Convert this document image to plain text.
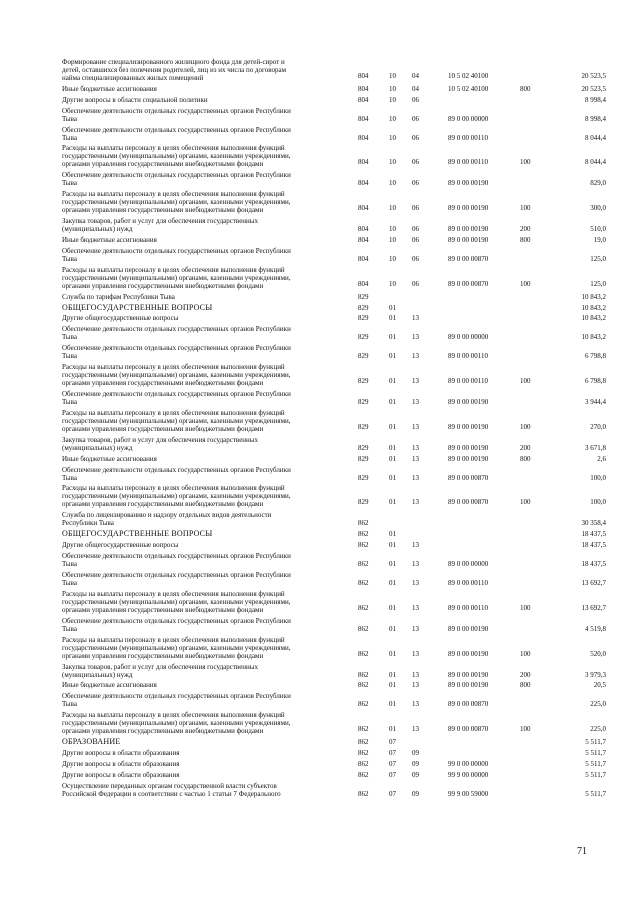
Формирование специализированного жилищного фонда для детей-сирот и
детей, оставшихся без попечения родителей, лиц из их числа по договорам
найма специализированных жилых помещений	804	10 04	10 5 02 40100	20 523,5
Иные бюджетные ассигнования	804	10 04	10 5 02 40100	800	20 523,5
Другие вопросы в области социальной политики	804	10 06	8 998,4
Обеспечение деятельности отдельных государственных органов Республики
Тыва	804	10 06	89 0 00 00000	8 998,4
Обеспечение деятельности отдельных государственных органов Республики
Тыва	804	10 06	89 0 00 00110	8 044,4
Расходы на выплаты персоналу в целях обеспечения выполнения функций
государственными (муниципальными) органами, казенными учреждениями,
органами управления государственными внебюджетными фондами	804	10 06	89 0 00 00110	100	8 044,4
Обеспечение деятельности отдельных государственных органов Республики
Тыва	804	10 06	89 0 00 00190	829,0
Расходы на выплаты персоналу в целях обеспечения выполнения функций
государственными (муниципальными) органами, казенными учреждениями,
органами управления государственными внебюджетными фондами	804	10 06	89 0 00 00190	100	300,0
Закупка товаров, работ и услуг для обеспечения государственных
(муниципальных) нужд	804	10 06	89 0 00 00190	200	510,0
Иные бюджетные ассигнования	804	10 06	89 0 00 00190	800	19,0
Обеспечение деятельности отдельных государственных органов Республики
Тыва	804	10 06	89 0 00 00870	125,0
Расходы на выплаты персоналу в целях обеспечения выполнения функций
государственными (муниципальными) органами, казенными учреждениями,
органами управления государственными внебюджетными фондами	804	10 06	89 0 00 00870	100	125,0
Служба по тарифам Республики Тыва	829	10 843,2
ОБЩЕГОСУДАРСТВЕННЫЕ ВОПРОСЫ	829	01	10 843,2
Другие общегосударственные вопросы	829	01 13	10 843,2
Обеспечение деятельности отдельных государственных органов Республики
Тыва	829	01 13	89 0 00 00000	10 843,2
Обеспечение деятельности отдельных государственных органов Республики
Тыва	829	01 13	89 0 00 00110	6 798,8
Расходы на выплаты персоналу в целях обеспечения выполнения функций
государственными (муниципальными) органами, казенными учреждениями,
органами управления государственными внебюджетными фондами	829	01 13	89 0 00 00110	100	6 798,8
Обеспечение деятельности отдельных государственных органов Республики
Тыва	829	01 13	89 0 00 00190	3 944,4
Расходы на выплаты персоналу в целях обеспечения выполнения функций
государственными (муниципальными) органами, казенными учреждениями,
органами управления государственными внебюджетными фондами	829	01 13	89 0 00 00190	100	270,0
Закупка товаров, работ и услуг для обеспечения государственных
(муниципальных) нужд	829	01 13	89 0 00 00190	200	3 671,8
Иные бюджетные ассигнования	829	01 13	89 0 00 00190	800	2,6
Обеспечение деятельности отдельных государственных органов Республики
Тыва	829	01 13	89 0 00 00870	100,0
Расходы на выплаты персоналу в целях обеспечения выполнения функций
государственными (муниципальными) органами, казенными учреждениями,
органами управления государственными внебюджетными фондами	829	01 13	89 0 00 00870	100	100,0
Служба по лицензированию и надзору отдельных видов деятельности
Республики Тыва	862	30 358,4
ОБЩЕГОСУДАРСТВЕННЫЕ ВОПРОСЫ	862	01	18 437,5
Другие общегосударственные вопросы	862	01 13	18 437,5
Обеспечение деятельности отдельных государственных органов Республики
Тыва	862	01 13	89 0 00 00000	18 437,5
Обеспечение деятельности отдельных государственных органов Республики
Тыва	862	01 13	89 0 00 00110	13 692,7
Расходы на выплаты персоналу в целях обеспечения выполнения функций
государственными (муниципальными) органами, казенными учреждениями,
органами управления государственными внебюджетными фондами	862	01 13	89 0 00 00110	100	13 692,7
Обеспечение деятельности отдельных государственных органов Республики
Тыва	862	01 13	89 0 00 00190	4 519,8
Расходы на выплаты персоналу в целях обеспечения выполнения функций
государственными (муниципальными) органами, казенными учреждениями,
органами управления государственными внебюджетными фондами	862	01 13	89 0 00 00190	100	520,0
Закупка товаров, работ и услуг для обеспечения государственных
(муниципальных) нужд	862	01 13	89 0 00 00190	200	3 979,3
Иные бюджетные ассигнования	862	01 13	89 0 00 00190	800	20,5
Обеспечение деятельности отдельных государственных органов Республики
Тыва	862	01 13	89 0 00 00870	225,0
Расходы на выплаты персоналу в целях обеспечения выполнения функций
государственными (муниципальными) органами, казенными учреждениями,
органами управления государственными внебюджетными фондами	862	01 13	89 0 00 00870	100	225,0
ОБРАЗОВАНИЕ	862	07	5 511,7
Другие вопросы в области образования	862	07 09	5 511,7
Другие вопросы в области образования	862	07 09	99 0 00 00000	5 511,7
Другие вопросы в области образования	862	07 09	99 9 00 00000	5 511,7
Осуществление переданных органам государственной власти субъектов
Российской Федерации в соответствии с частью 1 статьи 7 Федерального	862	07 09	99 9 00 59000	5 511,7
71
